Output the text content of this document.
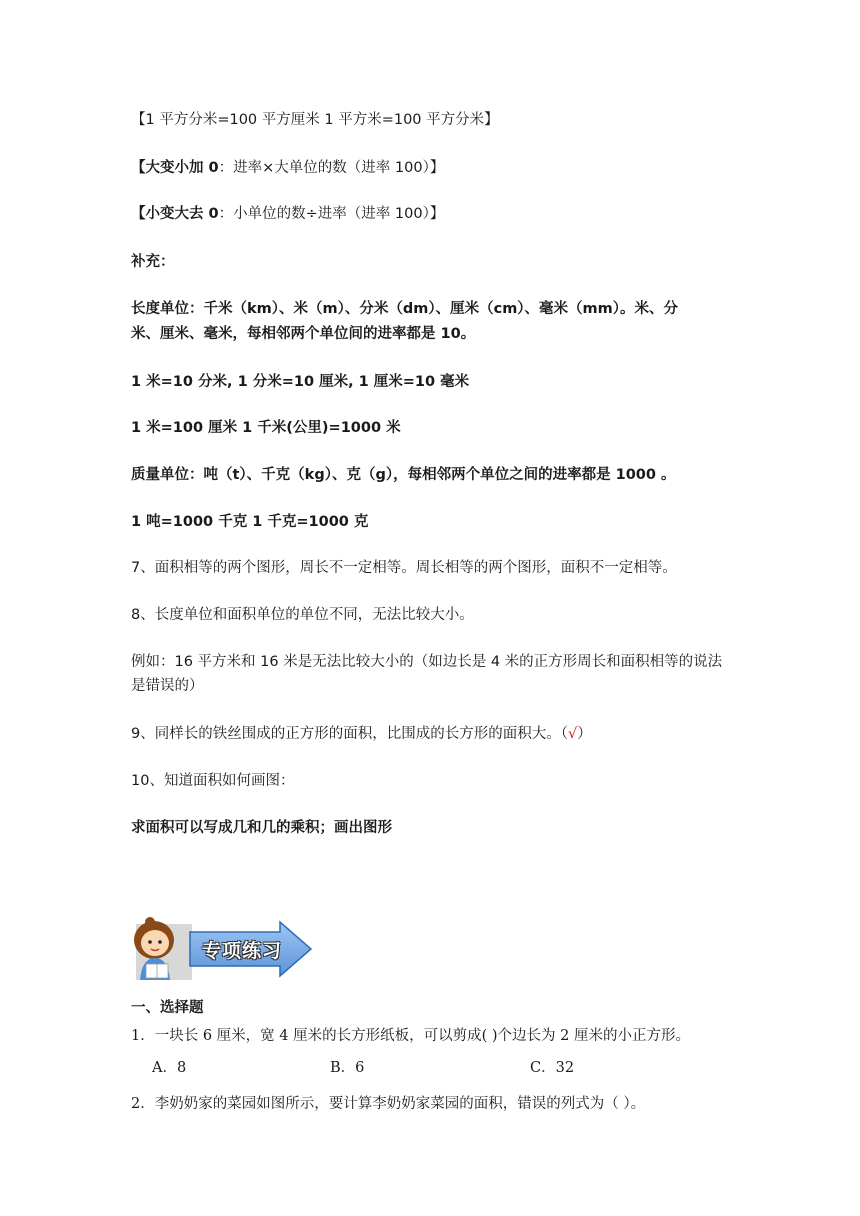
【1 平方分米=100 平方厘米 1 平方米=100 平方分米】
【大变小加 0：进率×大单位的数（进率 100）】
【小变大去 0：小单位的数÷进率（进率 100）】
补充：
长度单位：千米（km）、米（m）、分米（dm）、厘米（cm）、毫米（mm）。米、分
米、厘米、毫米，每相邻两个单位间的进率都是 10。
1 米=10 分米, 1 分米=10 厘米, 1 厘米=10 毫米
1 米=100 厘米 1 千米(公里)=1000 米
质量单位：吨（t）、千克（kg）、克（g），每相邻两个单位之间的进率都是 1000 。
1 吨=1000 千克 1 千克=1000 克
7、面积相等的两个图形，周长不一定相等。周长相等的两个图形，面积不一定相等。
8、长度单位和面积单位的单位不同，无法比较大小。
例如：16 平方米和 16 米是无法比较大小的（如边长是 4 米的正方形周长和面积相等的说法
是错误的）
9、同样长的铁丝围成的正方形的面积，比围成的长方形的面积大。（√）
10、知道面积如何画图：
求面积可以写成几和几的乘积；画出图形
专项练习
一、选择题
1．一块长 6 厘米，宽 4 厘米的长方形纸板，可以剪成( )个边长为 2 厘米的小正方形。
A．8	B．6	C．32
2．李奶奶家的菜园如图所示，要计算李奶奶家菜园的面积，错误的列式为（ ）。
